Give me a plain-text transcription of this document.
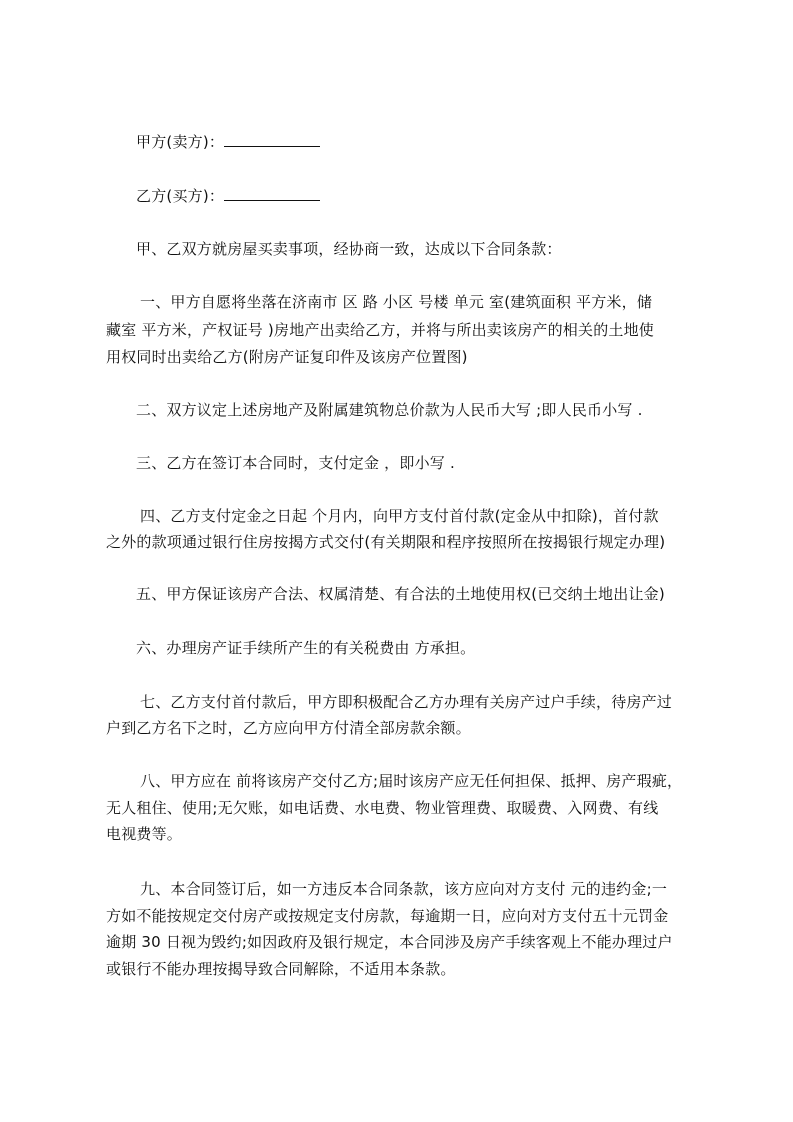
甲方(卖方)：
乙方(买方)：
甲、乙双方就房屋买卖事项，经协商一致，达成以下合同条款：
一、甲方自愿将坐落在济南市 区 路 小区 号楼 单元 室(建筑面积 平方米，储
藏室 平方米，产权证号 )房地产出卖给乙方，并将与所出卖该房产的相关的土地使
用权同时出卖给乙方(附房产证复印件及该房产位置图)
二、双方议定上述房地产及附属建筑物总价款为人民币大写 ;即人民币小写 .
三、乙方在签订本合同时，支付定金 ，即小写 .
四、乙方支付定金之日起 个月内，向甲方支付首付款(定金从中扣除)，首付款
之外的款项通过银行住房按揭方式交付(有关期限和程序按照所在按揭银行规定办理)
五、甲方保证该房产合法、权属清楚、有合法的土地使用权(已交纳土地出让金)
六、办理房产证手续所产生的有关税费由 方承担。
七、乙方支付首付款后，甲方即积极配合乙方办理有关房产过户手续，待房产过
户到乙方名下之时，乙方应向甲方付清全部房款余额。
八、甲方应在 前将该房产交付乙方;届时该房产应无任何担保、抵押、房产瑕疵，
无人租住、使用;无欠账，如电话费、水电费、物业管理费、取暖费、入网费、有线
电视费等。
九、本合同签订后，如一方违反本合同条款，该方应向对方支付 元的违约金;一
方如不能按规定交付房产或按规定支付房款，每逾期一日，应向对方支付五十元罚金
逾期 30 日视为毁约;如因政府及银行规定，本合同涉及房产手续客观上不能办理过户
或银行不能办理按揭导致合同解除，不适用本条款。
